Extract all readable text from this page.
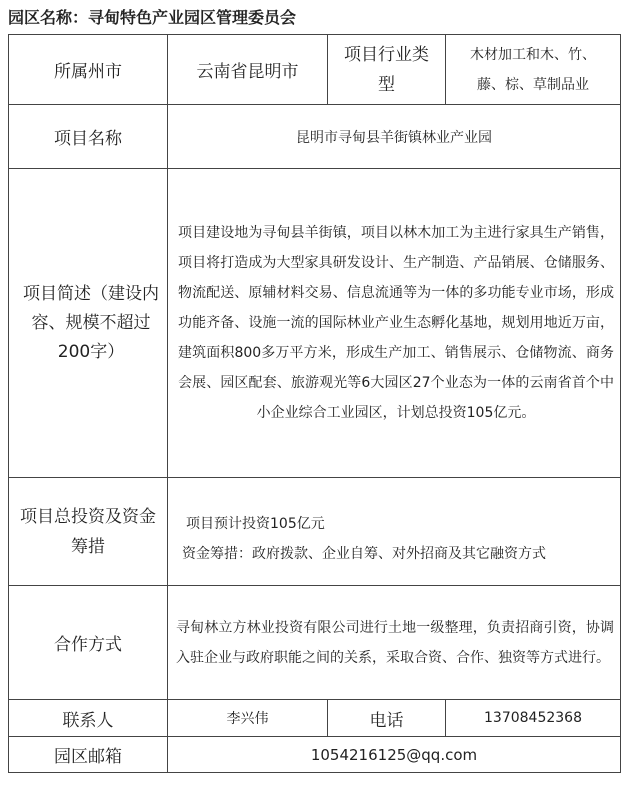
园区名称：寻甸特色产业园区管理委员会
所属州市	云南省昆明市	项目行业类型	木材加工和木、竹、藤、棕、草制品业
项目名称	昆明市寻甸县羊街镇林业产业园		
项目简述（建设内容、规模不超过200字）	项目建设地为寻甸县羊街镇，项目以林木加工为主进行家具生产销售，项目将打造成为大型家具研发设计、生产制造、产品销展、仓储服务、物流配送、原辅材料交易、信息流通等为一体的多功能专业市场，形成功能齐备、设施一流的国际林业产业生态孵化基地，规划用地近万亩，建筑面积800多万平方米，形成生产加工、销售展示、仓储物流、商务会展、园区配套、旅游观光等6大园区27个业态为一体的云南省首个中小企业综合工业园区，计划总投资105亿元。		
项目总投资及资金筹措	项目预计投资105亿元
资金筹措：政府拨款、企业自筹、对外招商及其它融资方式		

合作方式	寻甸林立方林业投资有限公司进行土地一级整理，负责招商引资，协调入驻企业与政府职能之间的关系，采取合资、合作、独资等方式进行。		
联系人	李兴伟	电话	13708452368
园区邮箱	1054216125@qq.com		
